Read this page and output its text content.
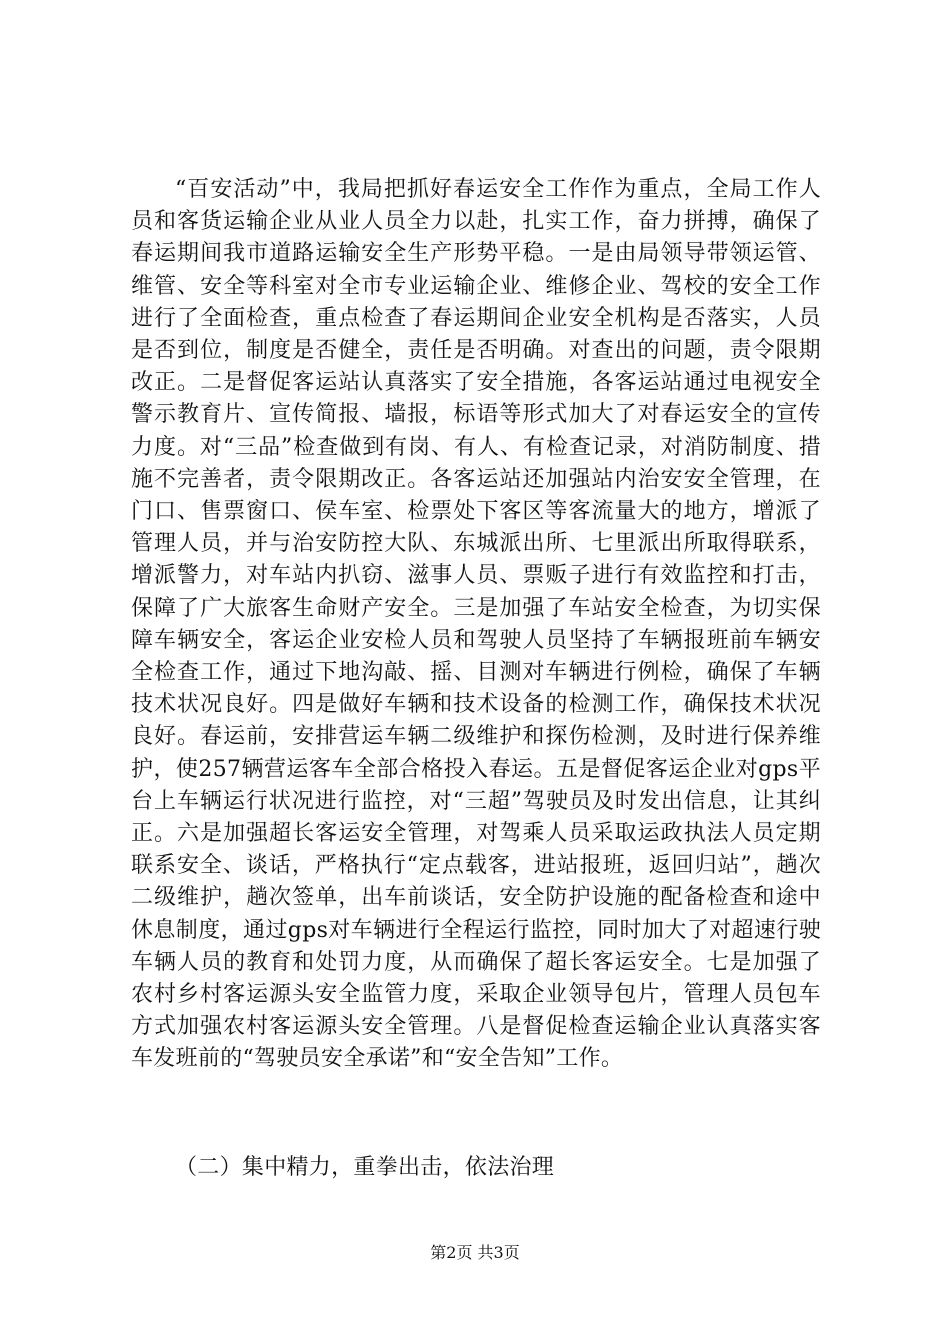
“百安活动”中，我局把抓好春运安全工作作为重点，全局工作人员和客货运输企业从业人员全力以赴，扎实工作，奋力拼搏，确保了春运期间我市道路运输安全生产形势平稳。一是由局领导带领运管、维管、安全等科室对全市专业运输企业、维修企业、驾校的安全工作进行了全面检查，重点检查了春运期间企业安全机构是否落实，人员是否到位，制度是否健全，责任是否明确。对查出的问题，责令限期改正。二是督促客运站认真落实了安全措施，各客运站通过电视安全警示教育片、宣传简报、墙报，标语等形式加大了对春运安全的宣传力度。对“三品”检查做到有岗、有人、有检查记录，对消防制度、措施不完善者，责令限期改正。各客运站还加强站内治安安全管理，在门口、售票窗口、侯车室、检票处下客区等客流量大的地方，增派了管理人员，并与治安防控大队、东城派出所、七里派出所取得联系，增派警力，对车站内扒窃、滋事人员、票贩子进行有效监控和打击，保障了广大旅客生命财产安全。三是加强了车站安全检查，为切实保障车辆安全，客运企业安检人员和驾驶人员坚持了车辆报班前车辆安全检查工作，通过下地沟敲、摇、目测对车辆进行例检，确保了车辆技术状况良好。四是做好车辆和技术设备的检测工作，确保技术状况良好。春运前，安排营运车辆二级维护和探伤检测，及时进行保养维护，使257辆营运客车全部合格投入春运。五是督促客运企业对gps平台上车辆运行状况进行监控，对“三超”驾驶员及时发出信息，让其纠正。六是加强超长客运安全管理，对驾乘人员采取运政执法人员定期联系安全、谈话，严格执行“定点载客，进站报班，返回归站”，趟次二级维护，趟次签单，出车前谈话，安全防护设施的配备检查和途中休息制度，通过gps对车辆进行全程运行监控，同时加大了对超速行驶车辆人员的教育和处罚力度，从而确保了超长客运安全。七是加强了农村乡村客运源头安全监管力度，采取企业领导包片，管理人员包车方式加强农村客运源头安全管理。八是督促检查运输企业认真落实客车发班前的“驾驶员安全承诺”和“安全告知”工作。

（二）集中精力，重拳出击，依法治理
第2页 共3页
